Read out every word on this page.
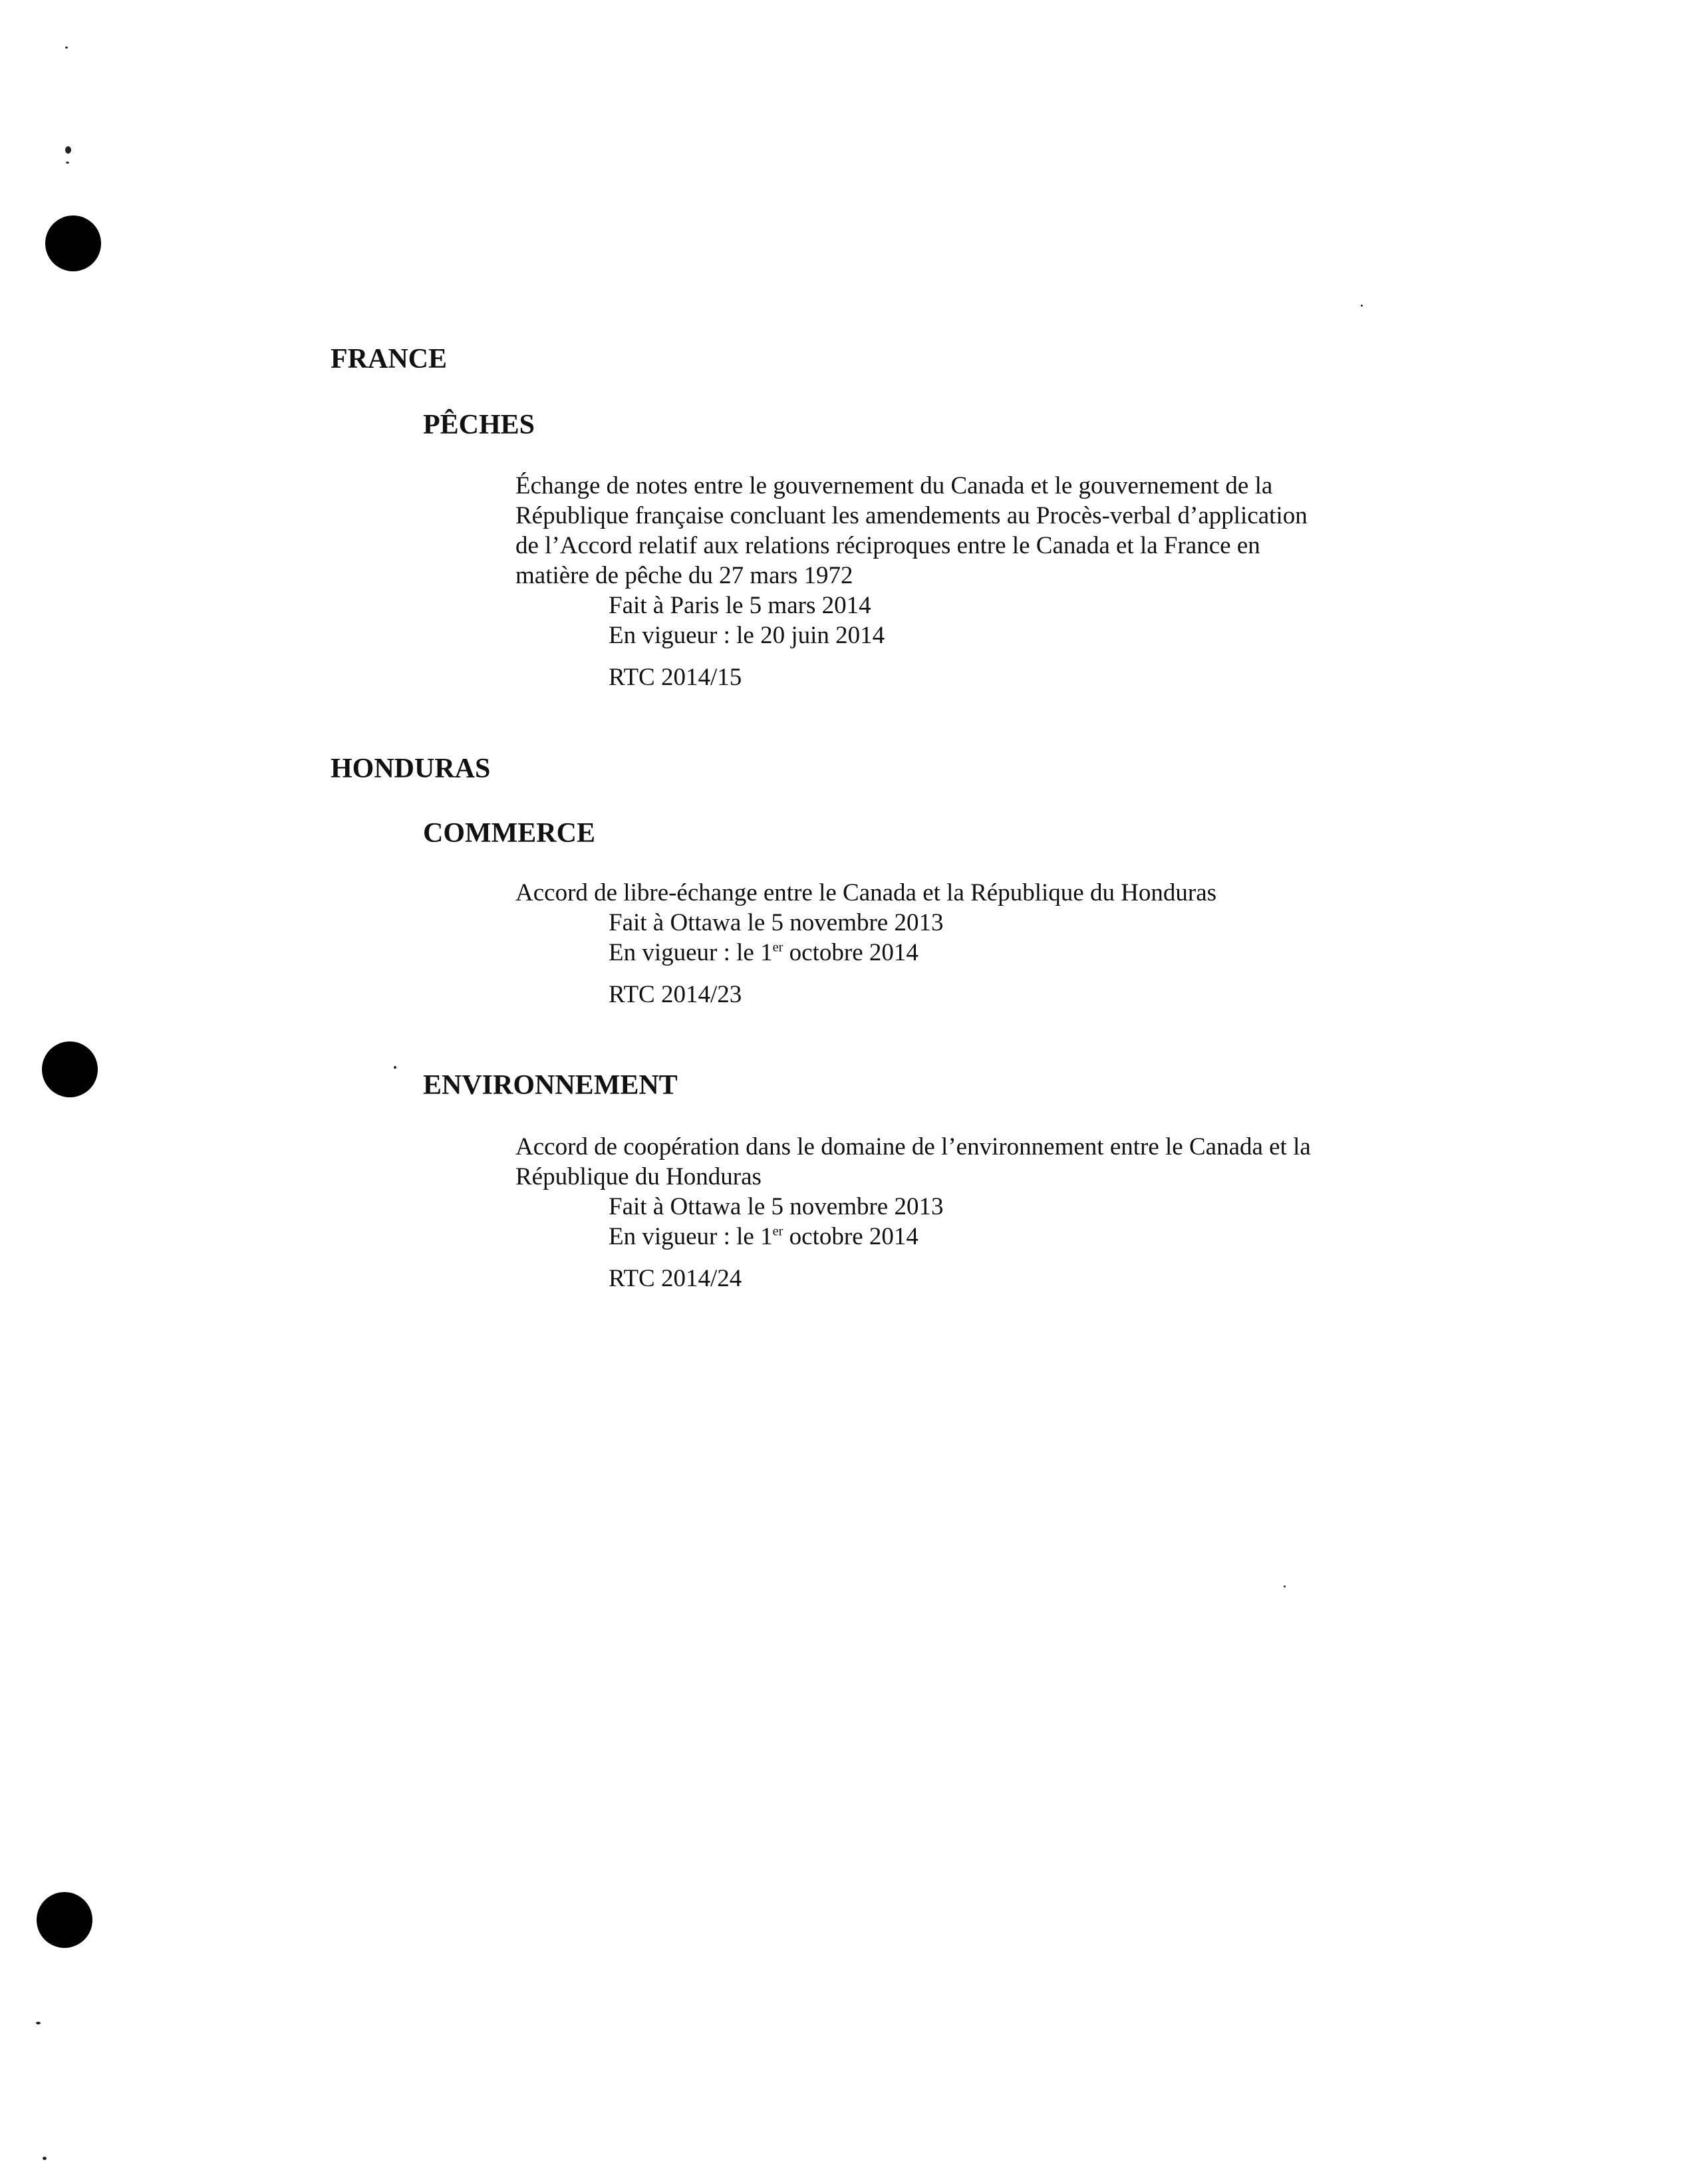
FRANCE
PÊCHES

Échange de notes entre le gouvernement du Canada et le gouvernement de la République française concluant les amendements au Procès-verbal d’application de l’Accord relatif aux relations réciproques entre le Canada et la France en matière de pêche du 27 mars 1972

Fait à Paris le 5 mars 2014

En vigueur : le 20 juin 2014

RTC 2014/15

HONDURAS
COMMERCE

Accord de libre-échange entre le Canada et la République du Honduras

Fait à Ottawa le 5 novembre 2013

En vigueur : le 1er octobre 2014

RTC 2014/23

ENVIRONNEMENT

Accord de coopération dans le domaine de l’environnement entre le Canada et la République du Honduras

Fait à Ottawa le 5 novembre 2013

En vigueur : le 1er octobre 2014

RTC 2014/24
